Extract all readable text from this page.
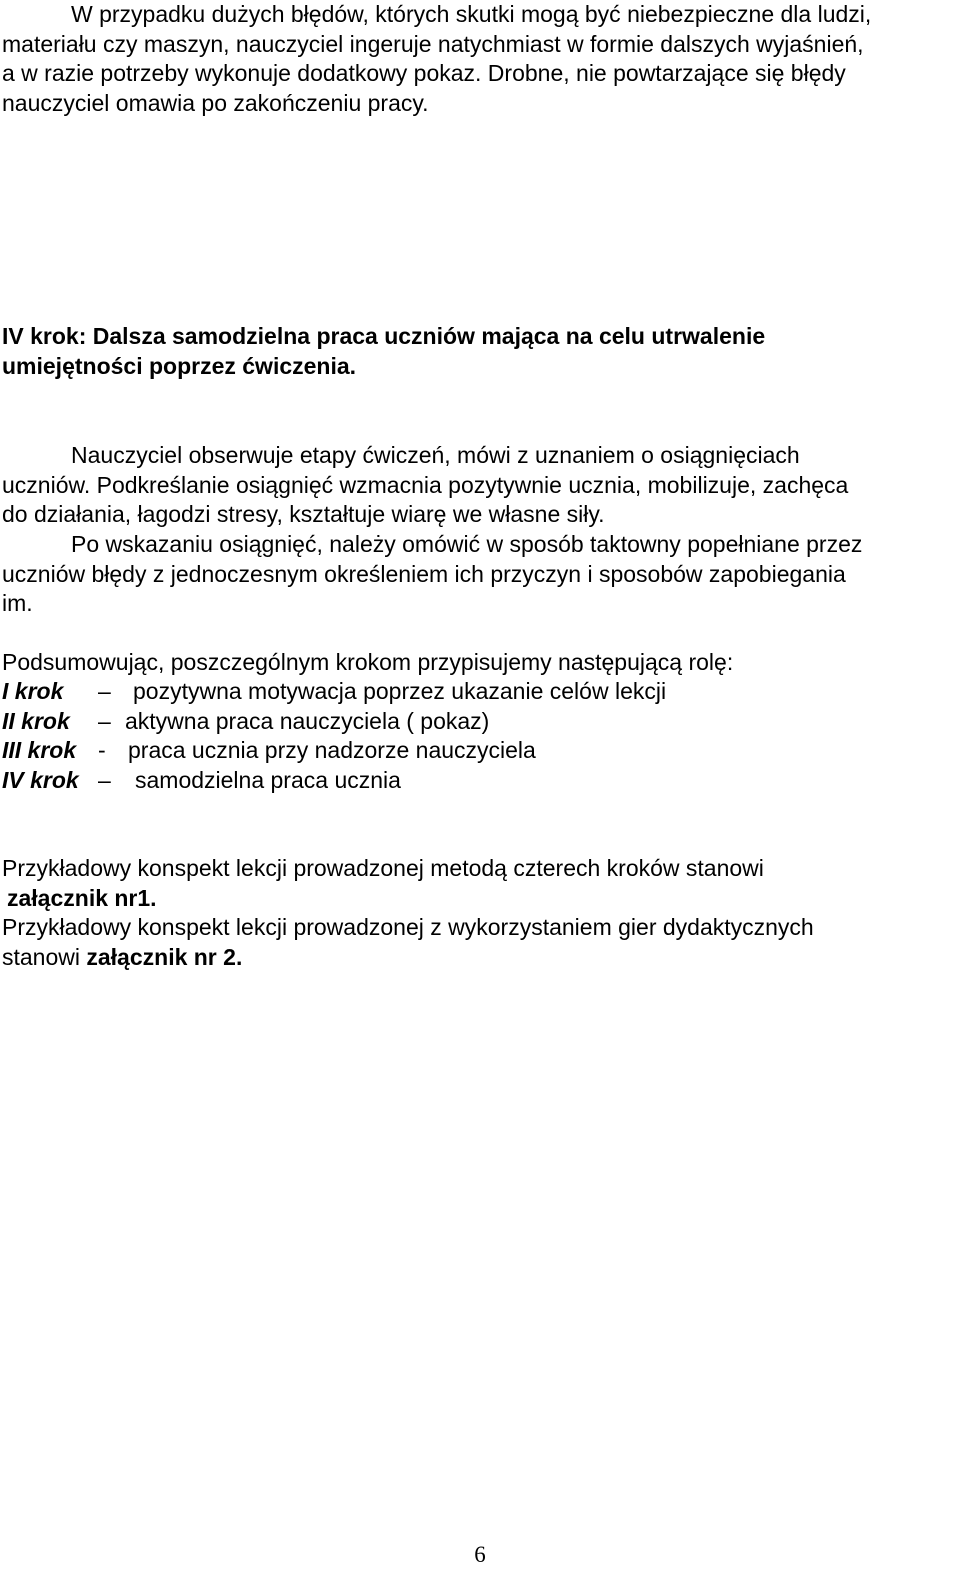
W przypadku dużych błędów, których skutki mogą być niebezpieczne dla ludzi,
materiału czy maszyn, nauczyciel ingeruje natychmiast w formie dalszych wyjaśnień,
a w razie potrzeby wykonuje dodatkowy pokaz. Drobne, nie powtarzające się błędy
nauczyciel omawia po zakończeniu pracy.

IV krok: Dalsza samodzielna praca uczniów mająca na celu utrwalenie
umiejętności poprzez ćwiczenia.

Nauczyciel obserwuje etapy ćwiczeń, mówi z uznaniem o osiągnięciach
uczniów. Podkreślanie osiągnięć wzmacnia pozytywnie ucznia, mobilizuje, zachęca
do działania, łagodzi stresy, kształtuje wiarę we własne siły.

Po wskazaniu osiągnięć, należy omówić w sposób taktowny popełniane przez
uczniów błędy z jednoczesnym określeniem ich przyczyn i sposobów zapobiegania
im.

Podsumowując, poszczególnym krokom przypisujemy następującą rolę:

I krok – pozytywna motywacja poprzez ukazanie celów lekcji
II krok – aktywna praca nauczyciela ( pokaz)
III krok - praca ucznia przy nadzorze nauczyciela
IV krok – samodzielna praca ucznia

Przykładowy konspekt lekcji prowadzonej metodą czterech kroków stanowi
załącznik nr1.

Przykładowy konspekt lekcji prowadzonej z wykorzystaniem gier dydaktycznych
stanowi załącznik nr 2.

6
